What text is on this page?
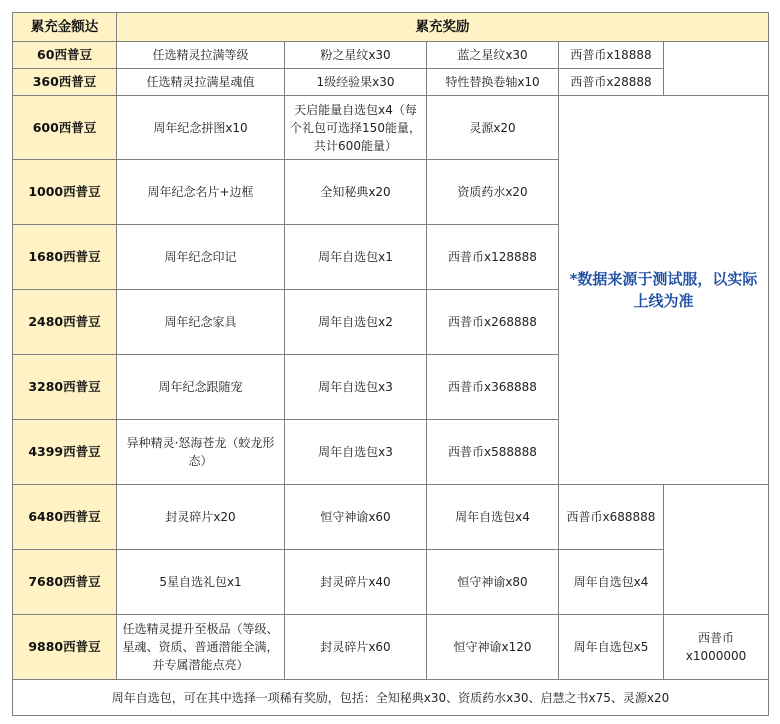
累充金额达	累充奖励				
60西普豆	任选精灵拉满等级	粉之星纹x30	蓝之星纹x30	西普币x18888	
360西普豆	任选精灵拉满星魂值	1级经验果x30	特性替换卷轴x10	西普币x28888	
600西普豆	周年纪念拼图x10	天启能量自选包x4（每个礼包可选择150能量，共计600能量）	灵源x20	*数据来源于测试服，以实际上线为准	
1000西普豆	周年纪念名片+边框	全知秘典x20	资质药水x20		
1680西普豆	周年纪念印记	周年自选包x1	西普币x128888		
2480西普豆	周年纪念家具	周年自选包x2	西普币x268888		
3280西普豆	周年纪念跟随宠	周年自选包x3	西普币x368888		
4399西普豆	异种精灵·怒海苍龙（蛟龙形态）	周年自选包x3	西普币x588888		
6480西普豆	封灵碎片x20	恒守神谕x60	周年自选包x4	西普币x688888	
7680西普豆	5星自选礼包x1	封灵碎片x40	恒守神谕x80	周年自选包x4	
9880西普豆	任选精灵提升至极品（等级、星魂、资质、普通潜能全满，并专属潜能点亮）	封灵碎片x60	恒守神谕x120	周年自选包x5	西普币x1000000
周年自选包，可在其中选择一项稀有奖励，包括：全知秘典x30、资质药水x30、启慧之书x75、灵源x20					
